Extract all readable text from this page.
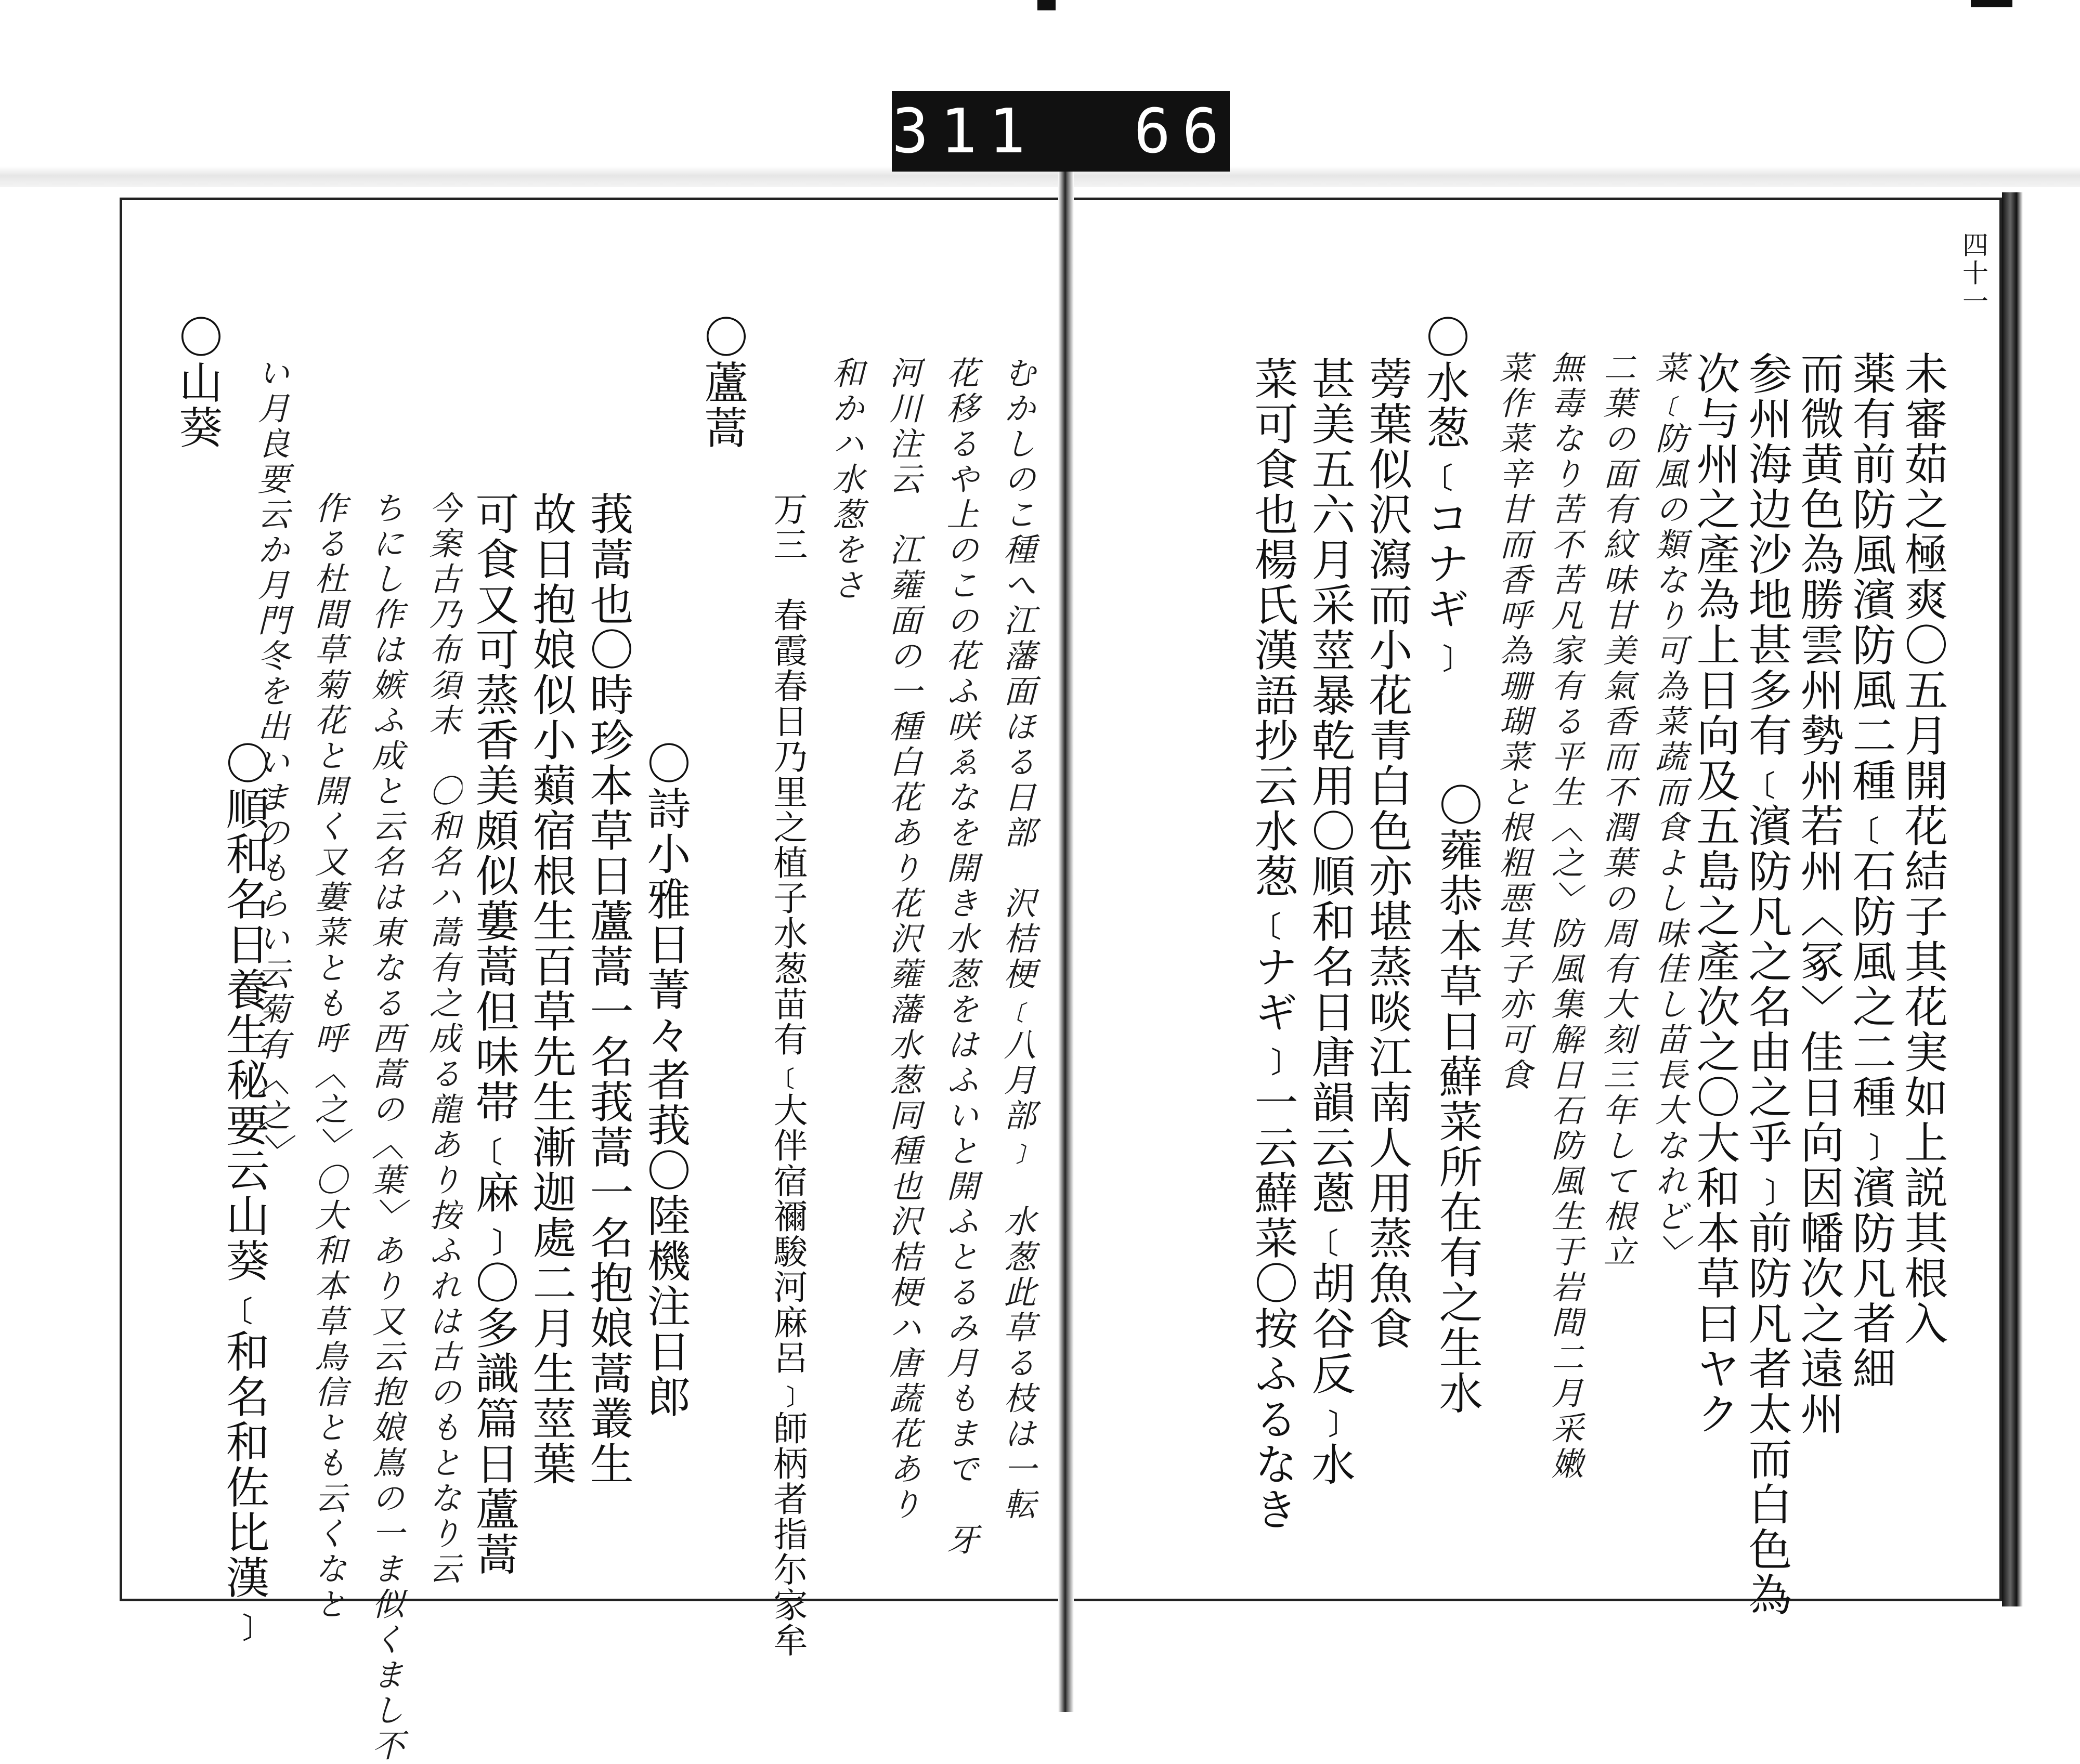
311  669.
むかしのこ種へ江藩面ほる日部　沢桔梗﹝八月部﹞　水葱此草る枝は一転
花移るや上のこの花ふ咲ゑなを開き水葱をはふいと開ふとるみ月もまで　牙
河川注云　江蕹面の一種白花あり花沢蕹藩水葱同種也沢桔梗ハ唐蔬花あり
和かハ水葱をさ
万三　春霞春日乃里之植子水葱苗有﹝大伴宿禰駿河麻呂﹞師柄者指尓家牟
〇蘆蒿
〇詩小雅日菁々者莪〇陸機注日郎
莪蒿也〇時珍本草日蘆蒿一名莪蒿一名抱娘蒿叢生
故日抱娘似小蘱宿根生百草先生漸迦處二月生莖葉
可食又可蒸香美頗似蔞蒿但味帯﹝麻﹞〇多識篇日蘆蒿
今案古乃布須末　〇和名ハ蒿有之成る龍あり按ふれは古のもとなり云
ちにし作は嫉ふ成と云名は東なる西蒿の〈葉〉あり又云抱娘嶌の一ま似くまし不
作る杜間草菊花と開く又蔞菜とも呼〈之〉〇大和本草鳥信とも云くなと
い月良要云か月門冬を出いまのもらい云菊有〈之〉
〇山葵
〇順和名日養生秘要云山葵﹝和名和佐比漢﹞
四十一
未審茹之極爽〇五月開花結子其花実如上説其根入
薬有前防風濱防風二種﹝石防風之二種﹞濱防凡者細
而微黄色為勝雲州勢州若州〈冢〉佳日向因幡次之遠州
参州海边沙地甚多有﹝濱防凡之名由之乎﹞前防凡者太而白色為
次与州之產為上日向及五島之產次之〇大和本草曰ヤク
菜﹝防風の類なり可為菜蔬而食よし味佳し苗長大なれど〉
二葉の面有紋味甘美氣香而不潤葉の周有大刻三年して根立
無毒なり苦不苦凡家有る平生〈之〉防風集解日石防風生于岩間二月采嫩
菜作菜辛甘而香呼為珊瑚菜と根粗悪其子亦可食
〇水葱﹝コナギ﹞
蒡葉似沢瀉而小花青白色亦堪蒸啖江南人用蒸魚食
甚美五六月采莖暴乾用〇順和名日唐韻云蔥﹝胡谷反﹞水
菜可食也楊氏漢語抄云水葱﹝ナギ﹞一云蘚菜〇按ふるなき	〇蕹恭本草日蘚菜所在有之生水
